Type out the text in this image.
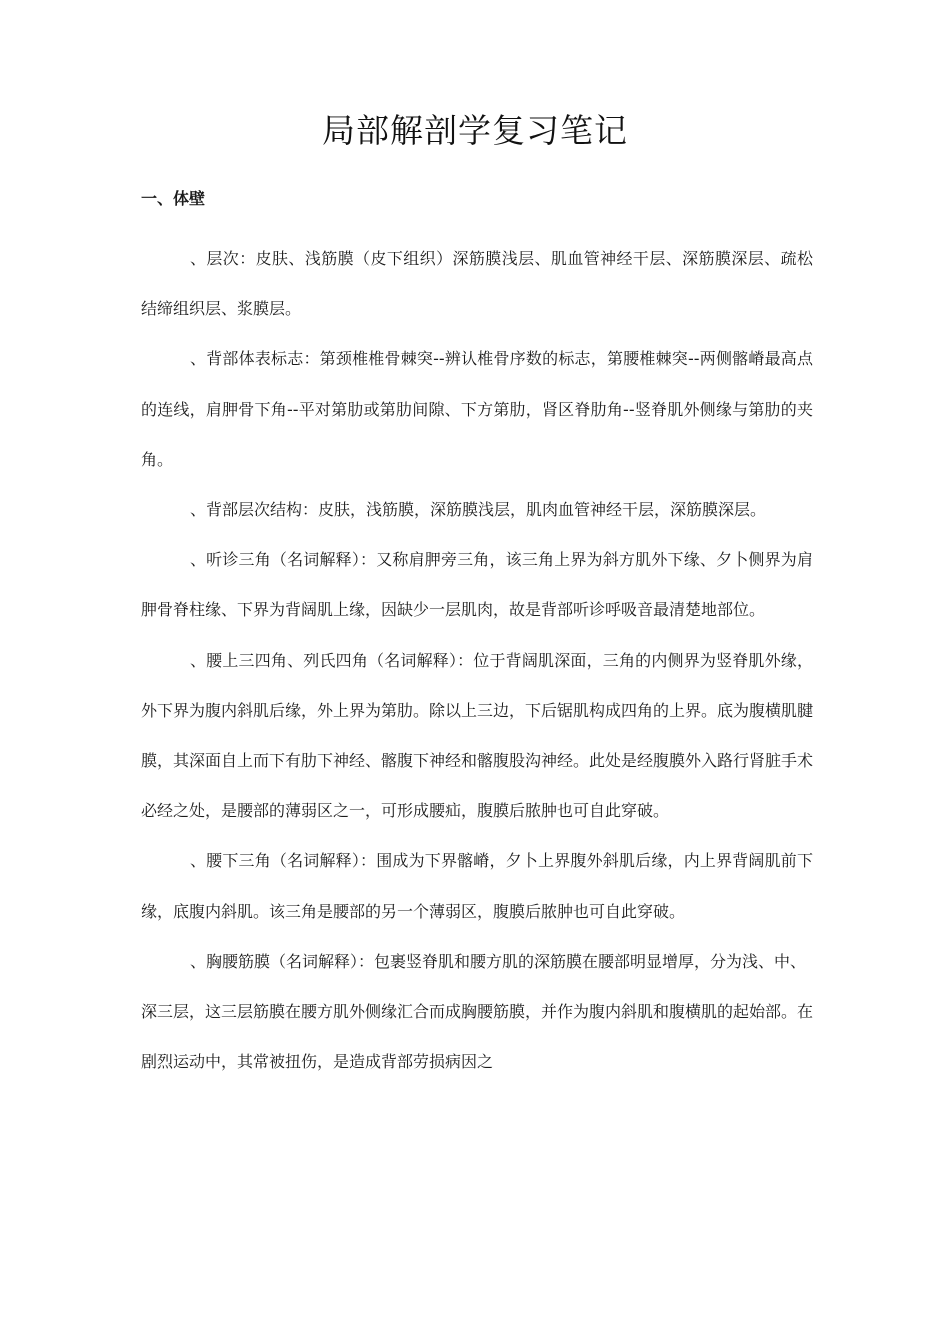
局部解剖学复习笔记
一、体壁

、层次：皮肤、浅筋膜（皮下组织）深筋膜浅层、肌血管神经干层、深筋膜深层、疏松结缔组织层、浆膜层。

、背部体表标志：第颈椎椎骨棘突--辨认椎骨序数的标志，第腰椎棘突--两侧髂嵴最高点的连线，肩胛骨下角--平对第肋或第肋间隙、下方第肋，肾区脊肋角--竖脊肌外侧缘与第肋的夹角。

、背部层次结构：皮肤，浅筋膜，深筋膜浅层，肌肉血管神经干层，深筋膜深层。

、听诊三角（名词解释）：又称肩胛旁三角，该三角上界为斜方肌外下缘、夕卜侧界为肩胛骨脊柱缘、下界为背阔肌上缘，因缺少一层肌肉，故是背部听诊呼吸音最清楚地部位。

、腰上三四角、列氏四角（名词解释）：位于背阔肌深面，三角的内侧界为竖脊肌外缘，外下界为腹内斜肌后缘，外上界为第肋。除以上三边，下后锯肌构成四角的上界。底为腹横肌腱膜，其深面自上而下有肋下神经、髂腹下神经和髂腹股沟神经。此处是经腹膜外入路行肾脏手术必经之处，是腰部的薄弱区之一，可形成腰疝，腹膜后脓肿也可自此穿破。

、腰下三角（名词解释）：围成为下界髂嵴，夕卜上界腹外斜肌后缘，内上界背阔肌前下缘，底腹内斜肌。该三角是腰部的另一个薄弱区，腹膜后脓肿也可自此穿破。

、胸腰筋膜（名词解释）：包裹竖脊肌和腰方肌的深筋膜在腰部明显增厚，分为浅、中、深三层，这三层筋膜在腰方肌外侧缘汇合而成胸腰筋膜，并作为腹内斜肌和腹横肌的起始部。在剧烈运动中，其常被扭伤，是造成背部劳损病因之
